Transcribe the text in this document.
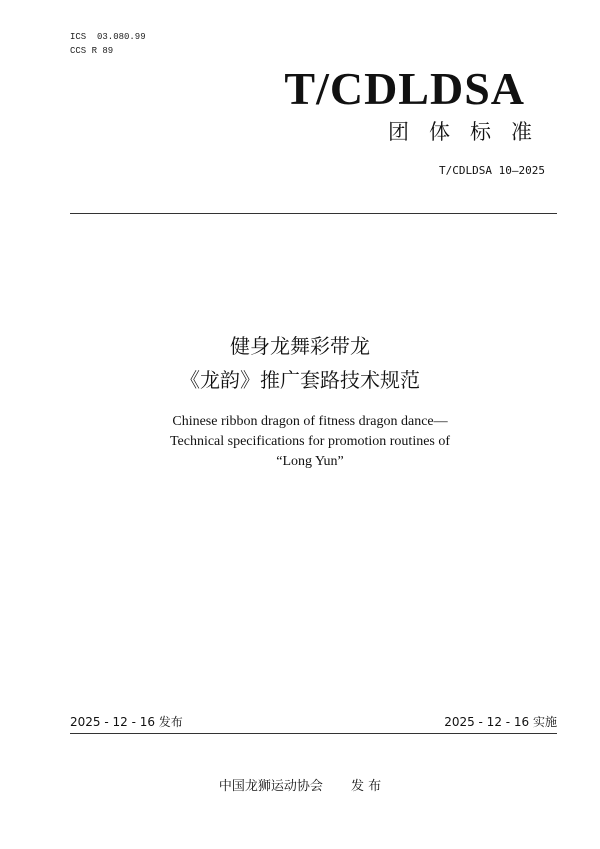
ICS  03.080.99
CCS R 89
T/CDLDSA
团体标准
T/CDLDSA 10—2025
健身龙舞彩带龙
《龙韵》推广套路技术规范
Chinese ribbon dragon of fitness dragon dance—
Technical specifications for promotion routines of
“Long Yun”
2025 - 12 - 16 发布	2025 - 12 - 16 实施
中国龙狮运动协会 发 布
